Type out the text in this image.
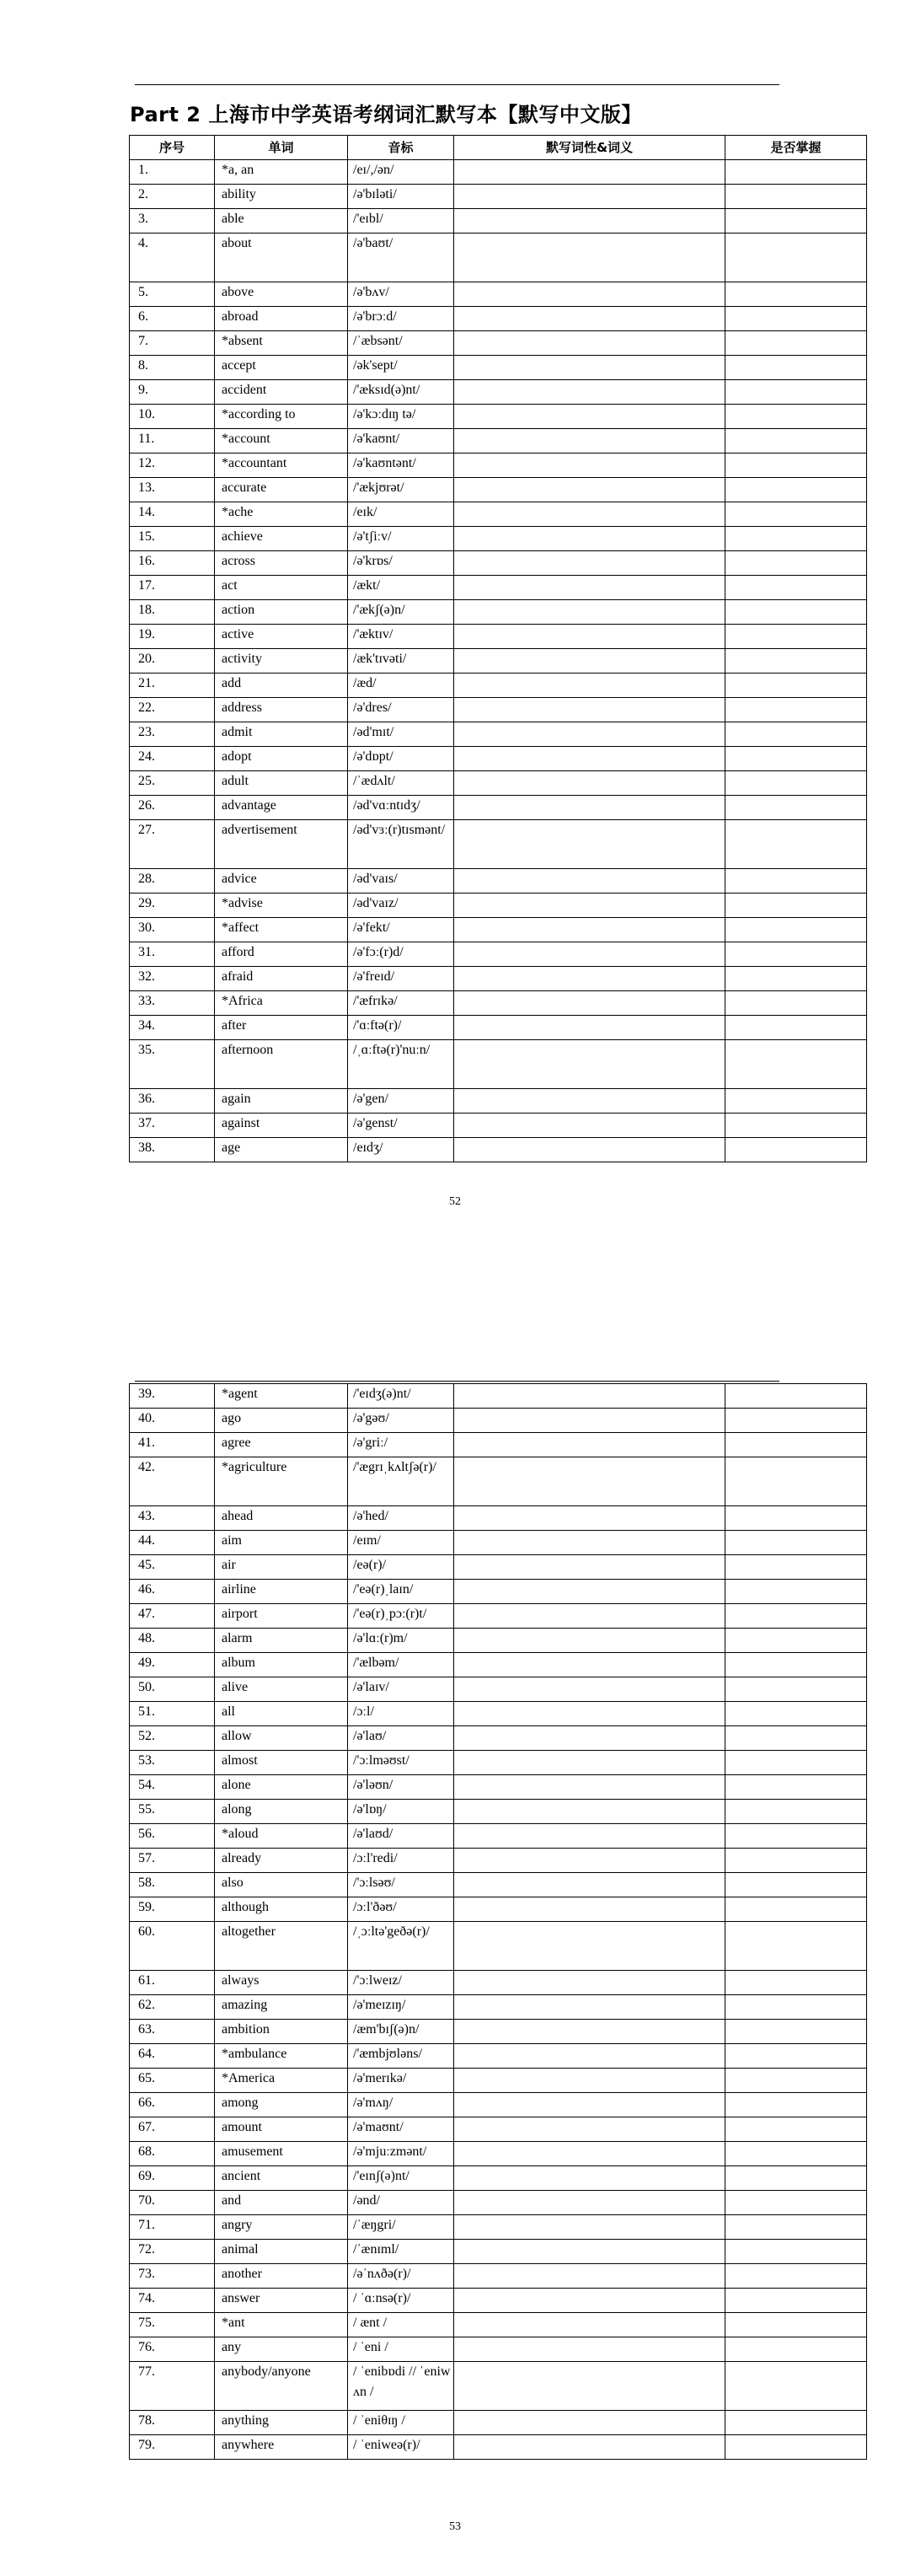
Part 2 上海市中学英语考纲词汇默写本【默写中文版】
序号	单词	音标	默写词性&词义	是否掌握
1.	*a, an	/eɪ/,/ən/		
2.	ability	/ə'bɪləti/		
3.	able	/'eɪbl/		
4.	about	/ə'baʊt/		
5.	above	/ə'bʌv/		
6.	abroad	/ə'brɔːd/		
7.	*absent	/ˈæbsənt/		
8.	accept	/ək'sept/		
9.	accident	/'æksɪd(ə)nt/		
10.	*according to	/ə'kɔːdɪŋ tə/		
11.	*account	/ə'kaʊnt/		
12.	*accountant	/ə'kaʊntənt/		
13.	accurate	/'ækjʊrət/		
14.	*ache	/eɪk/		
15.	achieve	/ə'tʃiːv/		
16.	across	/ə'krɒs/		
17.	act	/ækt/		
18.	action	/'ækʃ(ə)n/		
19.	active	/'æktɪv/		
20.	activity	/æk'tɪvəti/		
21.	add	/æd/		
22.	address	/ə'dres/		
23.	admit	/əd'mɪt/		
24.	adopt	/ə'dɒpt/		
25.	adult	/ˈædʌlt/		
26.	advantage	/əd'vɑːntɪdʒ/		
27.	advertisement	/əd'vɜː(r)tɪsmənt/		
28.	advice	/əd'vaɪs/		
29.	*advise	/əd'vaɪz/		
30.	*affect	/ə'fekt/		
31.	afford	/ə'fɔː(r)d/		
32.	afraid	/ə'freɪd/		
33.	*Africa	/'æfrɪkə/		
34.	after	/'ɑːftə(r)/		
35.	afternoon	/ˌɑːftə(r)'nuːn/		
36.	again	/ə'gen/		
37.	against	/ə'genst/		
38.	age	/eɪdʒ/		
52
39.	*agent	/'eɪdʒ(ə)nt/		
40.	ago	/ə'gəʊ/		
41.	agree	/ə'griː/		
42.	*agriculture	/'ægrɪˌkʌltʃə(r)/		
43.	ahead	/ə'hed/		
44.	aim	/eɪm/		
45.	air	/eə(r)/		
46.	airline	/'eə(r)ˌlaɪn/		
47.	airport	/'eə(r)ˌpɔː(r)t/		
48.	alarm	/ə'lɑː(r)m/		
49.	album	/'ælbəm/		
50.	alive	/ə'laɪv/		
51.	all	/ɔːl/		
52.	allow	/ə'laʊ/		
53.	almost	/'ɔːlməʊst/		
54.	alone	/ə'ləʊn/		
55.	along	/ə'lɒŋ/		
56.	*aloud	/ə'laʊd/		
57.	already	/ɔːl'redi/		
58.	also	/'ɔːlsəʊ/		
59.	although	/ɔːl'ðəʊ/		
60.	altogether	/ˌɔːltə'geðə(r)/		
61.	always	/'ɔːlweɪz/		
62.	amazing	/ə'meɪzɪŋ/		
63.	ambition	/æm'bɪʃ(ə)n/		
64.	*ambulance	/'æmbjʊləns/		
65.	*America	/ə'merɪkə/		
66.	among	/ə'mʌŋ/		
67.	amount	/ə'maʊnt/		
68.	amusement	/ə'mjuːzmənt/		
69.	ancient	/'eɪnʃ(ə)nt/		
70.	and	/ənd/		
71.	angry	/ˈæŋgri/		
72.	animal	/ˈænɪml/		
73.	another	/əˈnʌðə(r)/		
74.	answer	/ ˈɑːnsə(r)/		
75.	*ant	/ ænt /		
76.	any	/ ˈeni /		
77.	anybody/anyone	/ ˈenibɒdi // ˈeniwʌn /		
78.	anything	/ ˈeniθɪŋ /		
79.	anywhere	/ ˈeniweə(r)/		
53
